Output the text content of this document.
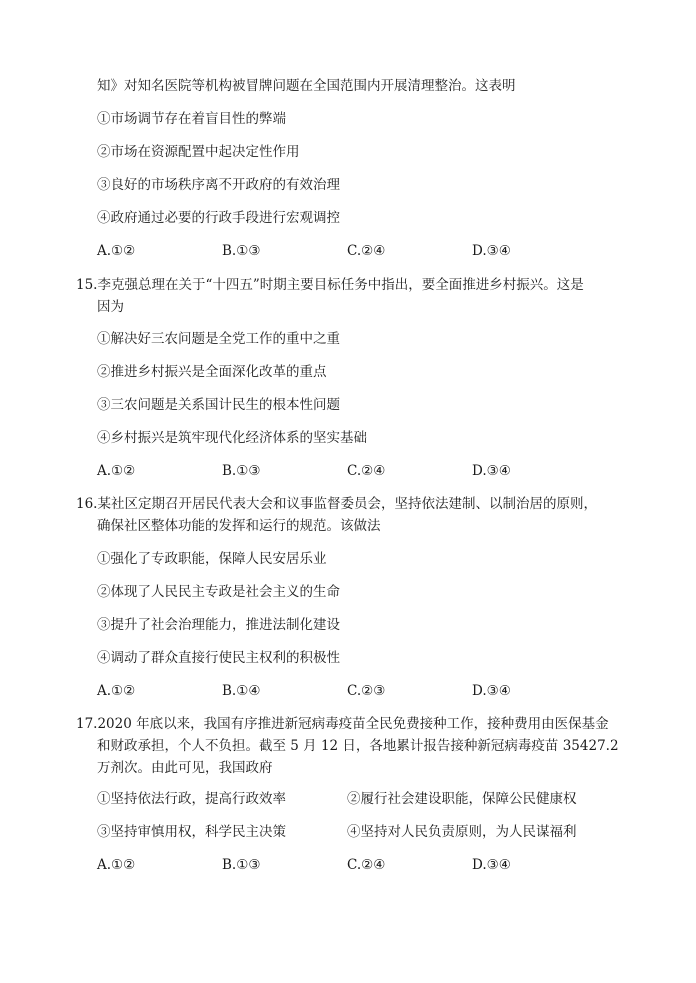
知》对知名医院等机构被冒牌问题在全国范围内开展清理整治。这表明
①市场调节存在着盲目性的弊端
②市场在资源配置中起决定性作用
③良好的市场秩序离不开政府的有效治理
④政府通过必要的行政手段进行宏观调控
A.①②	B.①③	C.②④	D.③④
15.李克强总理在关于“十四五”时期主要目标任务中指出，要全面推进乡村振兴。这是
因为
①解决好三农问题是全党工作的重中之重
②推进乡村振兴是全面深化改革的重点
③三农问题是关系国计民生的根本性问题
④乡村振兴是筑牢现代化经济体系的坚实基础
A.①②	B.①③	C.②④	D.③④
16.某社区定期召开居民代表大会和议事监督委员会，坚持依法建制、以制治居的原则，
确保社区整体功能的发挥和运行的规范。该做法
①强化了专政职能，保障人民安居乐业
②体现了人民民主专政是社会主义的生命
③提升了社会治理能力，推进法制化建设
④调动了群众直接行使民主权利的积极性
A.①②	B.①④	C.②③	D.③④
17.2020 年底以来，我国有序推进新冠病毒疫苗全民免费接种工作，接种费用由医保基金
和财政承担，个人不负担。截至 5 月 12 日，各地累计报告接种新冠病毒疫苗 35427.2
万剂次。由此可见，我国政府
①坚持依法行政，提高行政效率	②履行社会建设职能，保障公民健康权
③坚持审慎用权，科学民主决策	④坚持对人民负责原则，为人民谋福利
A.①②	B.①③	C.②④	D.③④
